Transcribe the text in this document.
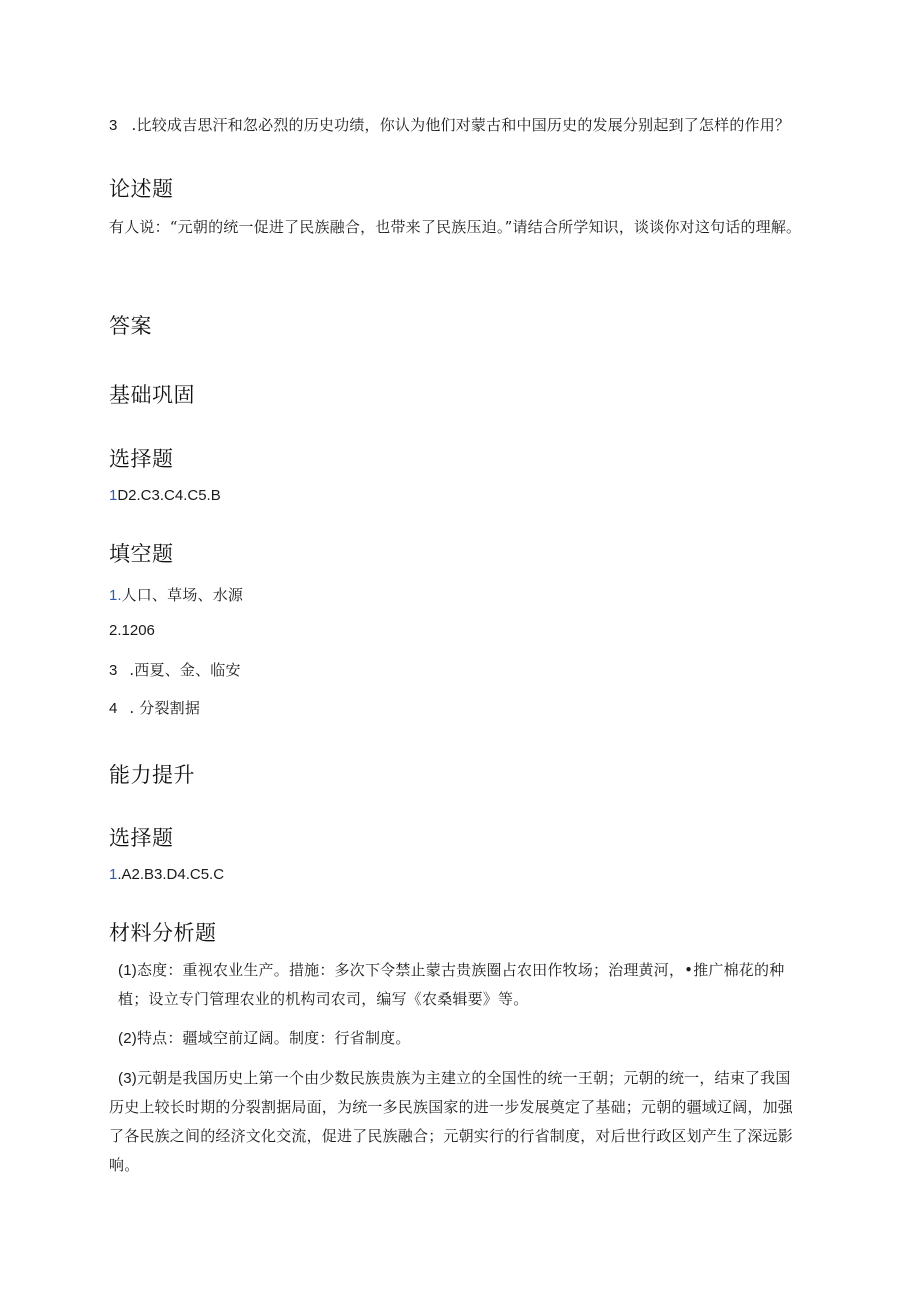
3 .比较成吉思汗和忽必烈的历史功绩，你认为他们对蒙古和中国历史的发展分别起到了怎样的作用？
论述题
有人说：“元朝的统一促进了民族融合，也带来了民族压迫。”请结合所学知识，谈谈你对这句话的理解。
答案
基础巩固
选择题
1D2.C3.C4.C5.B
填空题
1.人口、草场、水源
2.1206
3 .西夏、金、临安
4 . 分裂割据
能力提升
选择题
1.A2.B3.D4.C5.C
材料分析题
(1)态度：重视农业生产。措施：多次下令禁止蒙古贵族圈占农田作牧场；治理黄河，•推广棉花的种植；设立专门管理农业的机构司农司，编写《农桑辑要》等。
(2)特点：疆域空前辽阔。制度：行省制度。
(3)元朝是我国历史上第一个由少数民族贵族为主建立的全国性的统一王朝；元朝的统一，结束了我国历史上较长时期的分裂割据局面，为统一多民族国家的进一步发展奠定了基础；元朝的疆域辽阔，加强了各民族之间的经济文化交流，促进了民族融合；元朝实行的行省制度，对后世行政区划产生了深远影响。
